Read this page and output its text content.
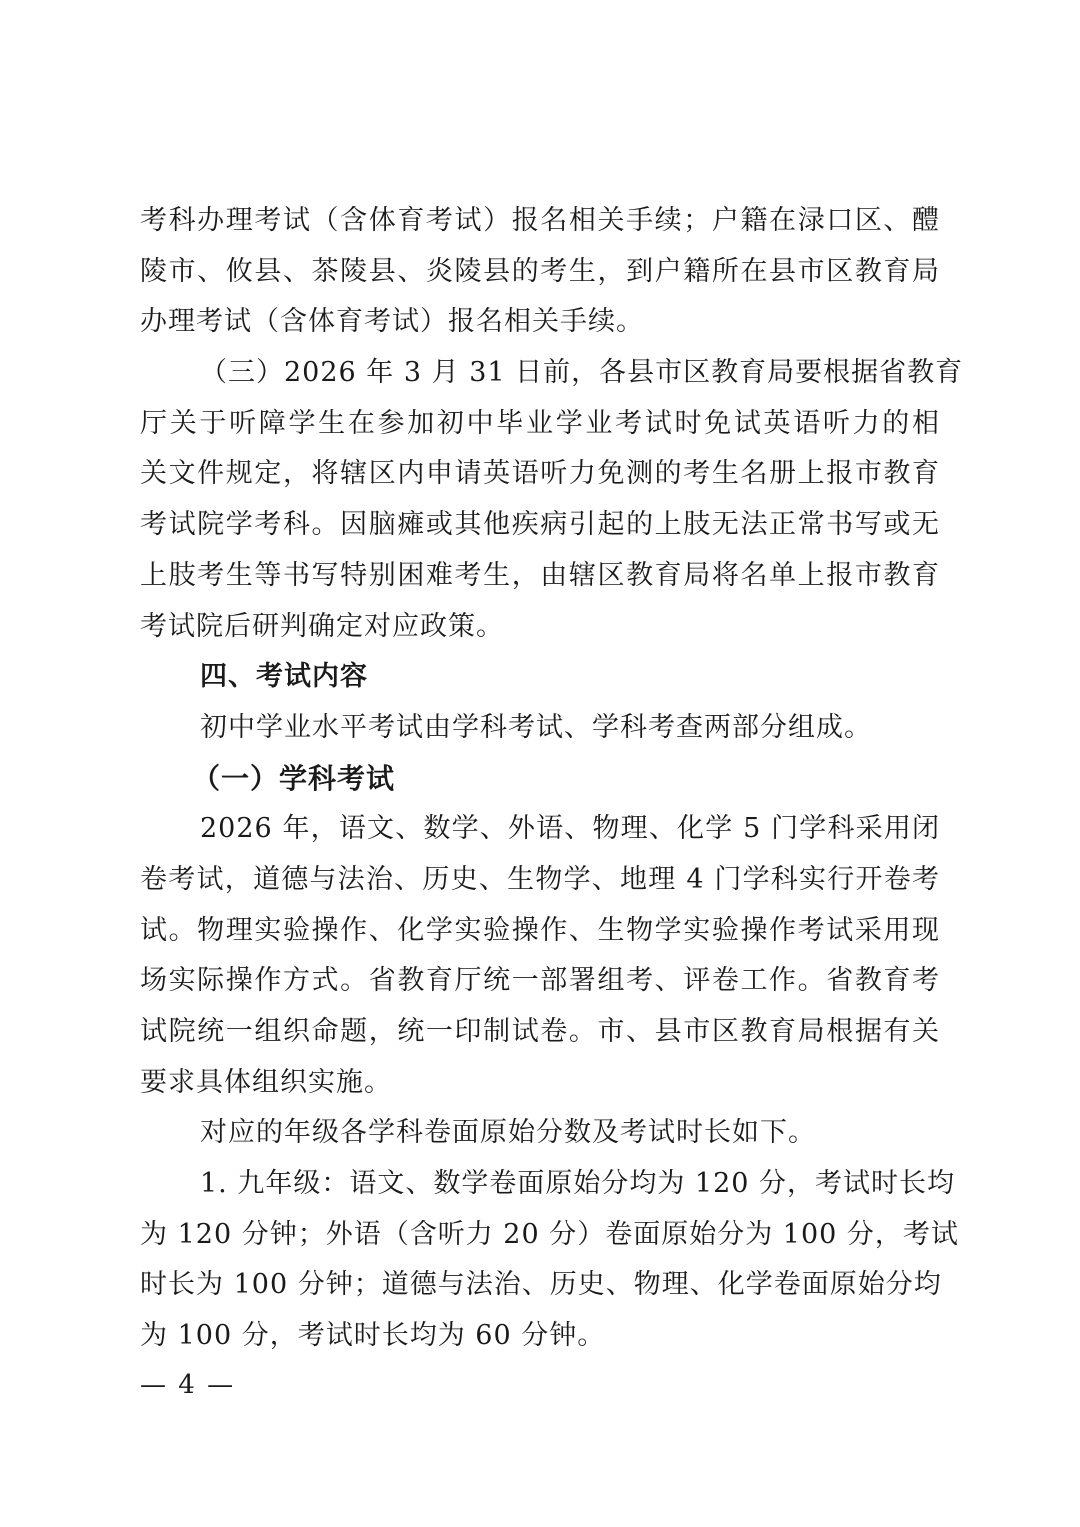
考科办理考试（含体育考试）报名相关手续；户籍在渌口区、醴
陵市、攸县、茶陵县、炎陵县的考生，到户籍所在县市区教育局
办理考试（含体育考试）报名相关手续。
（三）2026 年 3 月 31 日前，各县市区教育局要根据省教育
厅关于听障学生在参加初中毕业学业考试时免试英语听力的相
关文件规定，将辖区内申请英语听力免测的考生名册上报市教育
考试院学考科。因脑瘫或其他疾病引起的上肢无法正常书写或无
上肢考生等书写特别困难考生，由辖区教育局将名单上报市教育
考试院后研判确定对应政策。
四、考试内容
初中学业水平考试由学科考试、学科考查两部分组成。
（一）学科考试
2026 年，语文、数学、外语、物理、化学 5 门学科采用闭
卷考试，道德与法治、历史、生物学、地理 4 门学科实行开卷考
试。物理实验操作、化学实验操作、生物学实验操作考试采用现
场实际操作方式。省教育厅统一部署组考、评卷工作。省教育考
试院统一组织命题，统一印制试卷。市、县市区教育局根据有关
要求具体组织实施。
对应的年级各学科卷面原始分数及考试时长如下。
1. 九年级：语文、数学卷面原始分均为 120 分，考试时长均
为 120 分钟；外语（含听力 20 分）卷面原始分为 100 分，考试
时长为 100 分钟；道德与法治、历史、物理、化学卷面原始分均
为 100 分，考试时长均为 60 分钟。
— 4 —
